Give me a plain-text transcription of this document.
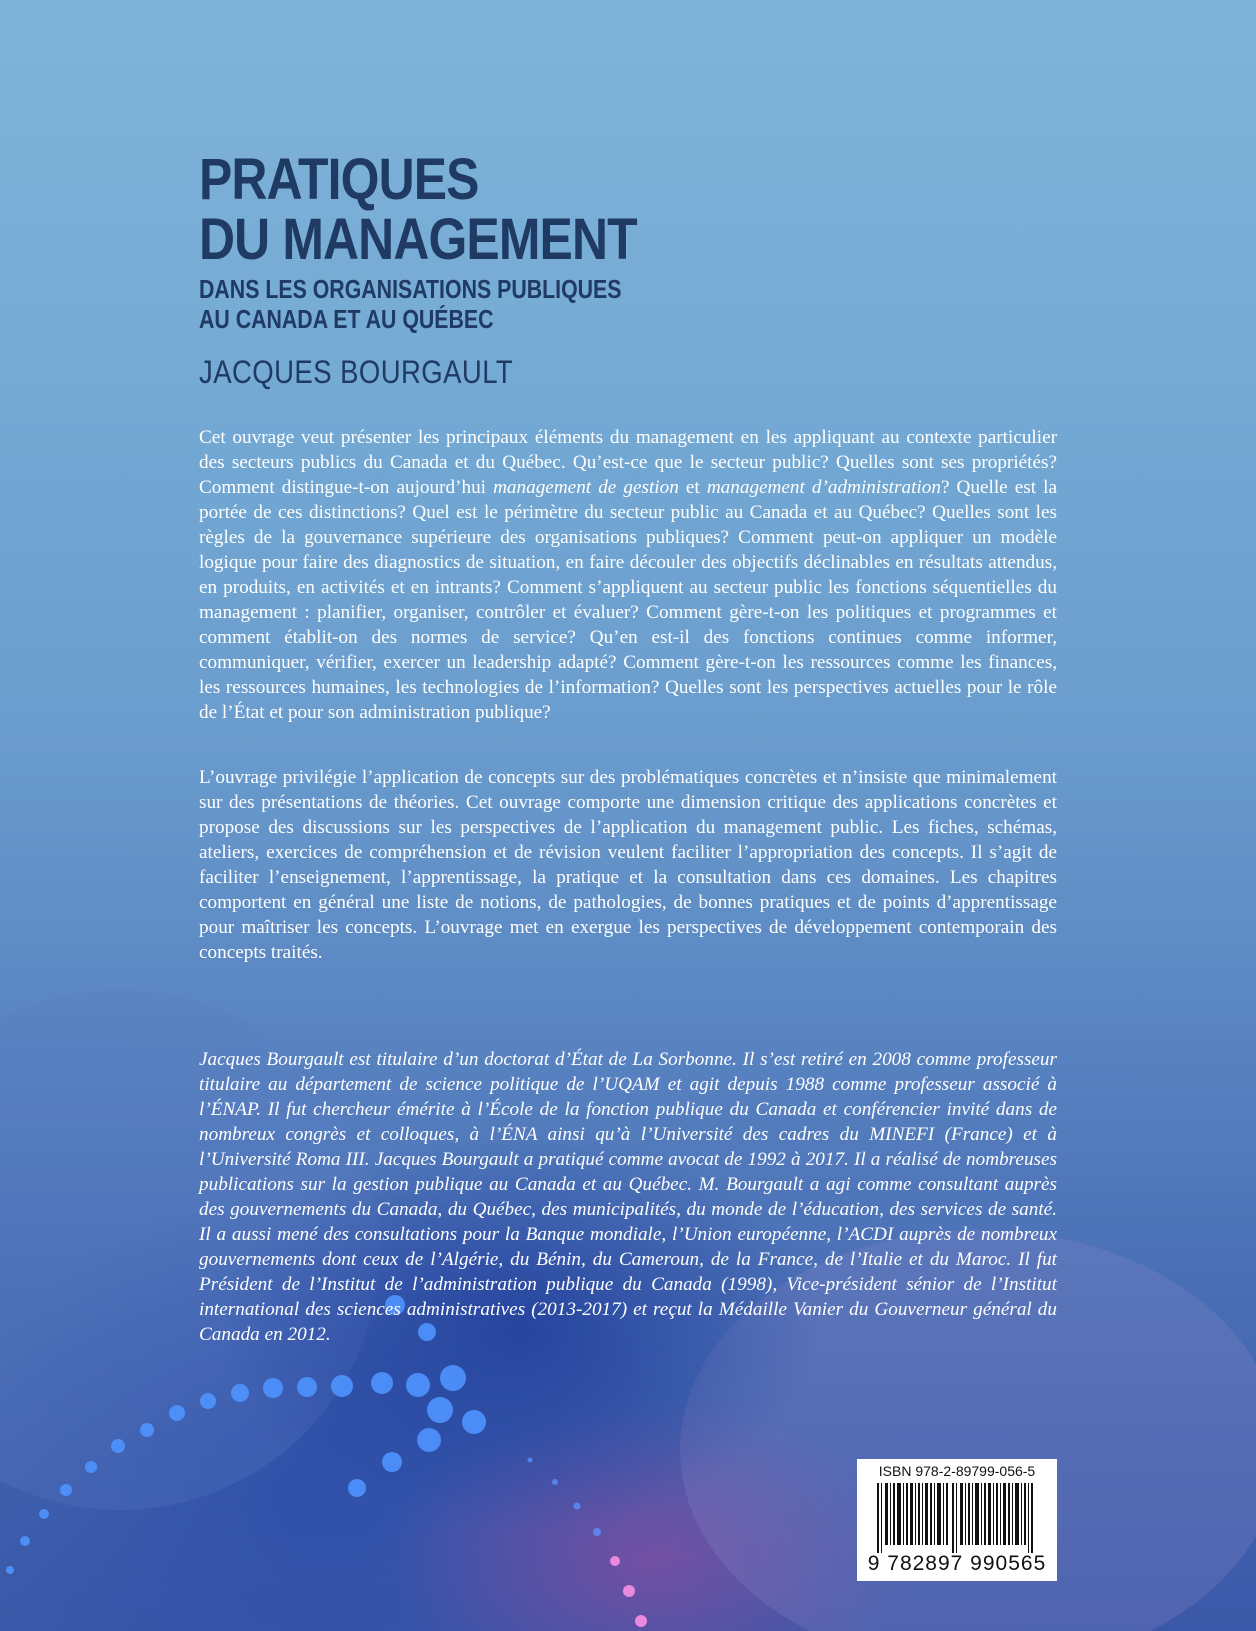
PRATIQUES
DU MANAGEMENT
DANS LES ORGANISATIONS PUBLIQUES
AU CANADA ET AU QUÉBEC
JACQUES BOURGAULT

Cet ouvrage veut présenter les principaux éléments du management en les appliquant au contexte particulier des secteurs publics du Canada et du Québec. Qu’est-ce que le secteur public? Quelles sont ses propriétés? Comment distingue-t-on aujourd’hui management de gestion et management d’administration? Quelle est la portée de ces distinctions? Quel est le périmètre du secteur public au Canada et au Québec? Quelles sont les règles de la gouvernance supérieure des organisations publiques? Comment peut-on appliquer un modèle logique pour faire des diagnostics de situation, en faire découler des objectifs déclinables en résultats attendus, en produits, en activités et en intrants? Comment s’appliquent au secteur public les fonctions séquentielles du management : planifier, organiser, contrôler et évaluer? Comment gère-t-on les politiques et programmes et comment établit-on des normes de service? Qu’en est-il des fonctions continues comme informer, communiquer, vérifier, exercer un leadership adapté? Comment gère-t-on les ressources comme les finances, les ressources humaines, les technologies de l’information? Quelles sont les perspectives actuelles pour le rôle de l’État et pour son administration publique?

L’ouvrage privilégie l’application de concepts sur des problématiques concrètes et n’insiste que minimalement sur des présentations de théories. Cet ouvrage comporte une dimension critique des applications concrètes et propose des discussions sur les perspectives de l’application du management public. Les fiches, schémas, ateliers, exercices de compréhension et de révision veulent faciliter l’appropriation des concepts. Il s’agit de faciliter l’enseignement, l’apprentissage, la pratique et la consultation dans ces domaines. Les chapitres comportent en général une liste de notions, de pathologies, de bonnes pratiques et de points d’apprentissage pour maîtriser les concepts. L’ouvrage met en exergue les perspectives de développement contemporain des concepts traités.

Jacques Bourgault est titulaire d’un doctorat d’État de La Sorbonne. Il s’est retiré en 2008 comme professeur titulaire au département de science politique de l’UQAM et agit depuis 1988 comme professeur associé à l’ÉNAP. Il fut chercheur émérite à l’École de la fonction publique du Canada et conférencier invité dans de nombreux congrès et colloques, à l’ÉNA ainsi qu’à l’Université des cadres du MINEFI (France) et à l’Université Roma III. Jacques Bourgault a pratiqué comme avocat de 1992 à 2017. Il a réalisé de nombreuses publications sur la gestion publique au Canada et au Québec. M. Bourgault a agi comme consultant auprès des gouvernements du Canada, du Québec, des municipalités, du monde de l’éducation, des services de santé. Il a aussi mené des consultations pour la Banque mondiale, l’Union européenne, l’ACDI auprès de nombreux gouvernements dont ceux de l’Algérie, du Bénin, du Cameroun, de la France, de l’Italie et du Maroc. Il fut Président de l’Institut de l’administration publique du Canada (1998), Vice-président sénior de l’Institut international des sciences administratives (2013-2017) et reçut la Médaille Vanier du Gouverneur général du Canada en 2012.

ISBN 978-2-89799-056-5
9 782897 990565
